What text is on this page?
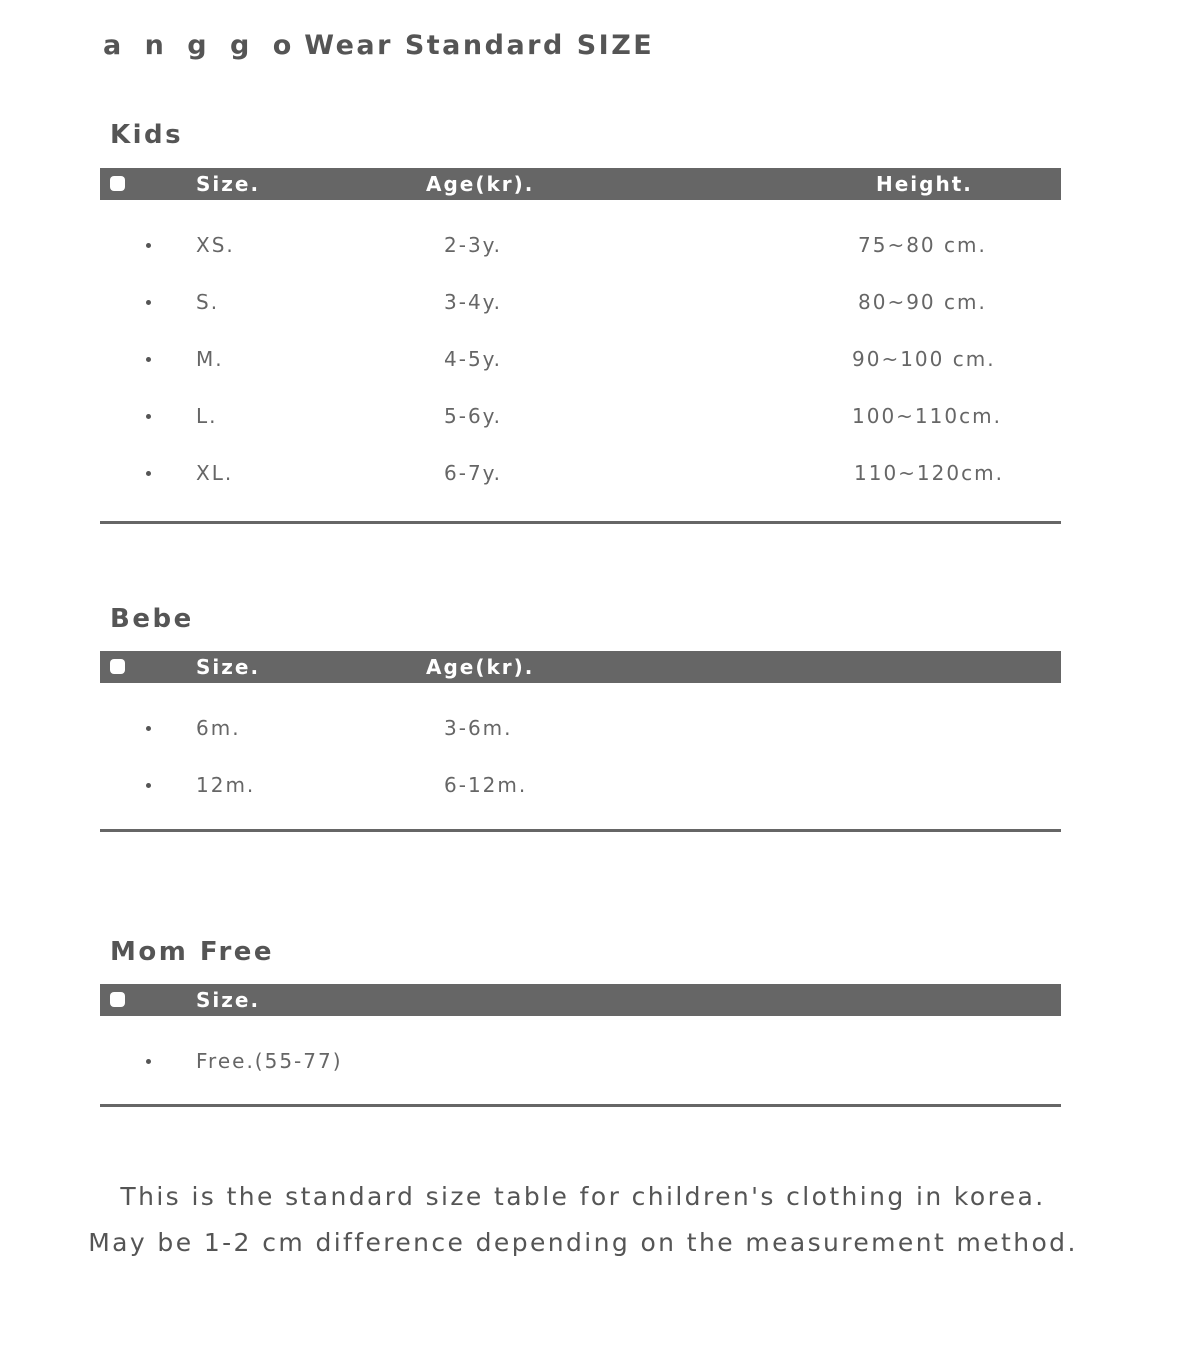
a n g g o Wear Standard SIZE
Kids
Size.	Age(kr).	Height.
XS.	2-3y.	75~80 cm.
S.	3-4y.	80~90 cm.
M.	4-5y.	90~100 cm.
L.	5-6y.	100~110cm.
XL.	6-7y.	110~120cm.
Bebe
Size.	Age(kr).
6m.	3-6m.
12m.	6-12m.
Mom Free
Size.
Free.(55-77)
This is the standard size table for children's clothing in korea.
May be 1-2 cm difference depending on the measurement method.
